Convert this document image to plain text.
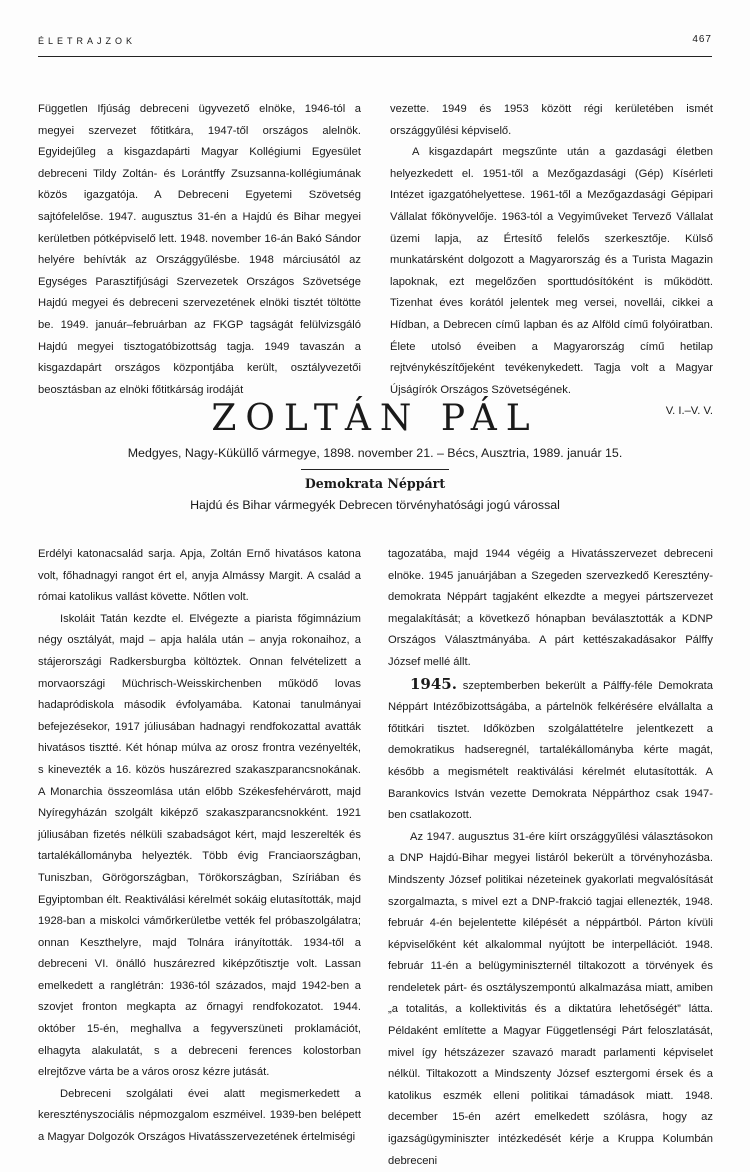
ÉLETRAJZOK	467

Független Ifjúság debreceni ügyvezető elnöke, 1946-tól a megyei szervezet főtitkára, 1947-től országos alelnök. Egyidejűleg a kisgazdapárti Magyar Kollégiumi Egyesület debreceni Tildy Zoltán- és Lorántffy Zsuzsanna-kollégiumának közös igazgatója. A Debreceni Egyetemi Szövetség sajtófelelőse. 1947. augusztus 31-én a Hajdú és Bihar megyei kerületben pótképviselő lett. 1948. november 16-án Bakó Sándor helyére behívták az Országgyűlésbe. 1948 márciusától az Egységes Parasztifjúsági Szervezetek Országos Szövetsége Hajdú megyei és debreceni szervezetének elnöki tisztét töltötte be. 1949. január–februárban az FKGP tagságát felülvizsgáló Hajdú megyei tisztogatóbizottság tagja. 1949 tavaszán a kisgazdapárt országos központjába került, osztályvezetői beosztásban az elnöki főtitkárság irodáját

vezette. 1949 és 1953 között régi kerületében ismét országgyűlési képviselő.

A kisgazdapárt megszűnte után a gazdasági életben helyezkedett el. 1951-től a Mezőgazdasági (Gép) Kísérleti Intézet igazgatóhelyettese. 1961-től a Mezőgazdasági Gépipari Vállalat főkönyvelője. 1963-tól a Vegyiműveket Tervező Vállalat üzemi lapja, az Értesítő felelős szerkesztője. Külső munkatársként dolgozott a Magyarország és a Turista Magazin lapoknak, ezt megelőzően sporttudósítóként is működött. Tizenhat éves korától jelentek meg versei, novellái, cikkei a Hídban, a Debrecen című lapban és az Alföld című folyóiratban. Élete utolsó éveiben a Magyarország című hetilap rejtvénykészítőjeként tevékenykedett. Tagja volt a Magyar Újságírók Országos Szövetségének.

V. I.–V. V.

ZOLTÁN PÁL
Medgyes, Nagy-Küküllő vármegye, 1898. november 21. – Bécs, Ausztria, 1989. január 15.
Demokrata Néppárt
Hajdú és Bihar vármegyék Debrecen törvényhatósági jogú várossal

Erdélyi katonacsalád sarja. Apja, Zoltán Ernő hivatásos katona volt, főhadnagyi rangot ért el, anyja Almássy Margit. A család a római katolikus vallást követte. Nőtlen volt.

Iskoláit Tatán kezdte el. Elvégezte a piarista főgimnázium négy osztályát, majd – apja halála után – anyja rokonaihoz, a stájerországi Radkersburgba költöztek. Onnan felvételizett a morvaországi Müchrisch-Weisskirchenben működő lovas hadapródiskola második évfolyamába. Katonai tanulmányai befejezésekor, 1917 júliusában hadnagyi rendfokozattal avatták hivatásos tisztté. Két hónap múlva az orosz frontra vezényelték, s kinevezték a 16. közös huszárezred szakaszparancsnokának. A Monarchia összeomlása után előbb Székesfehérvárott, majd Nyíregyházán szolgált kiképző szakaszparancsnokként. 1921 júliusában fizetés nélküli szabadságot kért, majd leszerelték és tartalékállományba helyezték. Több évig Franciaországban, Tuniszban, Görögországban, Törökországban, Szíriában és Egyiptomban élt. Reaktiválási kérelmét sokáig elutasították, majd 1928-ban a miskolci vámőrkerületbe vették fel próbaszolgálatra; onnan Keszthelyre, majd Tolnára irányították. 1934-től a debreceni VI. önálló huszárezred kiképzőtisztje volt. Lassan emelkedett a ranglétrán: 1936-tól százados, majd 1942-ben a szovjet fronton megkapta az őrnagyi rendfokozatot. 1944. október 15-én, meghallva a fegyverszüneti proklamációt, elhagyta alakulatát, s a debreceni ferences kolostorban elrejtőzve várta be a város orosz kézre jutását.

Debreceni szolgálati évei alatt megismerkedett a keresztényszociális népmozgalom eszméivel. 1939-ben belépett a Magyar Dolgozók Országos Hivatásszervezetének értelmiségi

tagozatába, majd 1944 végéig a Hivatásszervezet debreceni elnöke. 1945 januárjában a Szegeden szervezkedő Kereszténydemokrata Néppárt tagjaként elkezdte a megyei pártszervezet megalakítását; a következő hónapban beválasztották a KDNP Országos Választmányába. A párt kettészakadásakor Pálffy József mellé állt.

1945. szeptemberben bekerült a Pálffy-féle Demokrata Néppárt Intézőbizottságába, a pártelnök felkérésére elvállalta a főtitkári tisztet. Időközben szolgálattételre jelentkezett a demokratikus hadseregnél, tartalékállományba kérte magát, később a megismételt reaktiválási kérelmét elutasították. A Barankovics István vezette Demokrata Néppárthoz csak 1947-ben csatlakozott.

Az 1947. augusztus 31-ére kiírt országgyűlési választásokon a DNP Hajdú-Bihar megyei listáról bekerült a törvényhozásba. Mindszenty József politikai nézeteinek gyakorlati megvalósítását szorgalmazta, s mivel ezt a DNP-frakció tagjai ellenezték, 1948. február 4-én bejelentette kilépését a néppártból. Párton kívüli képviselőként két alkalommal nyújtott be interpellációt. 1948. február 11-én a belügyminiszternél tiltakozott a törvények és rendeletek párt- és osztályszempontú alkalmazása miatt, amiben „a totalitás, a kollektivitás és a diktatúra lehetőségét” látta. Példaként említette a Magyar Függetlenségi Párt feloszlatását, mivel így hétszázezer szavazó maradt parlamenti képviselet nélkül. Tiltakozott a Mindszenty József esztergomi érsek és a katolikus eszmék elleni politikai támadások miatt. 1948. december 15-én azért emelkedett szólásra, hogy az igazságügyminiszter intézkedését kérje a Kruppa Kolumbán debreceni
